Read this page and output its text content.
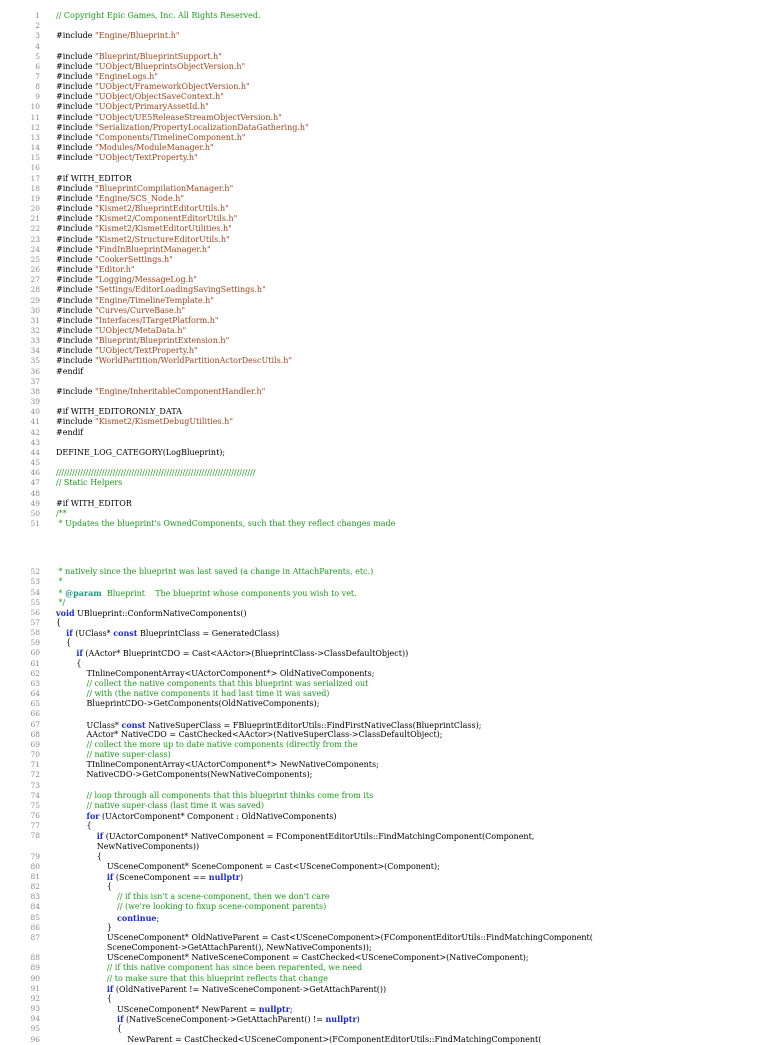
1 // Copyright Epic Games, Inc. All Rights Reserved.
2
3 #include "Engine/Blueprint.h"
4
5 #include "Blueprint/BlueprintSupport.h"
6 #include "UObject/BlueprintsObjectVersion.h"
7 #include "EngineLogs.h"
8 #include "UObject/FrameworkObjectVersion.h"
9 #include "UObject/ObjectSaveContext.h"
10 #include "UObject/PrimaryAssetId.h"
11 #include "UObject/UE5ReleaseStreamObjectVersion.h"
12 #include "Serialization/PropertyLocalizationDataGathering.h"
13 #include "Components/TimelineComponent.h"
14 #include "Modules/ModuleManager.h"
15 #include "UObject/TextProperty.h"
16
17 #if WITH_EDITOR
18 #include "BlueprintCompilationManager.h"
19 #include "Engine/SCS_Node.h"
20 #include "Kismet2/BlueprintEditorUtils.h"
21 #include "Kismet2/ComponentEditorUtils.h"
22 #include "Kismet2/KismetEditorUtilities.h"
23 #include "Kismet2/StructureEditorUtils.h"
24 #include "FindInBlueprintManager.h"
25 #include "CookerSettings.h"
26 #include "Editor.h"
27 #include "Logging/MessageLog.h"
28 #include "Settings/EditorLoadingSavingSettings.h"
29 #include "Engine/TimelineTemplate.h"
30 #include "Curves/CurveBase.h"
31 #include "Interfaces/ITargetPlatform.h"
32 #include "UObject/MetaData.h"
33 #include "Blueprint/BlueprintExtension.h"
34 #include "UObject/TextProperty.h"
35 #include "WorldPartition/WorldPartitionActorDescUtils.h"
36 #endif
37
38 #include "Engine/InheritableComponentHandler.h"
39
40 #if WITH_EDITORONLY_DATA
41 #include "Kismet2/KismetDebugUtilities.h"
42 #endif
43
44 DEFINE_LOG_CATEGORY(LogBlueprint);
45
46 //////////////////////////////////////////////////////////////////////////
47 // Static Helpers
48
49 #if WITH_EDITOR
50 /**
51 * Updates the blueprint's OwnedComponents, such that they reflect changes made
52 * natively since the blueprint was last saved (a change in AttachParents, etc.)
53 *
54 * @param  Blueprint    The blueprint whose components you wish to vet.
55 */
56 void UBlueprint::ConformNativeComponents()
57 {
58	if (UClass* const BlueprintClass = GeneratedClass)
59 {
60	if (AActor* BlueprintCDO = Cast<AActor>(BlueprintClass->ClassDefaultObject))
61 {
62 TInlineComponentArray<UActorComponent*> OldNativeComponents;
63	// collect the native components that this blueprint was serialized out
64	// with (the native components it had last time it was saved)
65 BlueprintCDO->GetComponents(OldNativeComponents);
66
67 UClass* const NativeSuperClass = FBlueprintEditorUtils::FindFirstNativeClass(BlueprintClass);
68 AActor* NativeCDO = CastChecked<AActor>(NativeSuperClass->ClassDefaultObject);
69	// collect the more up to date native components (directly from the
70	// native super-class)
71 TInlineComponentArray<UActorComponent*> NewNativeComponents;
72 NativeCDO->GetComponents(NewNativeComponents);
73
74	// loop through all components that this blueprint thinks come from its
75	// native super-class (last time it was saved)
76	for (UActorComponent* Component : OldNativeComponents)
77 {
78	if (UActorComponent* NativeComponent = FComponentEditorUtils::FindMatchingComponent(Component,
NewNativeComponents))
79 {
80 USceneComponent* SceneComponent = Cast<USceneComponent>(Component);
81	if (SceneComponent == nullptr)
82 {
83	// if this isn't a scene-component, then we don't care
84	// (we're looking to fixup scene-component parents)
85	continue;
86 }
87 USceneComponent* OldNativeParent = Cast<USceneComponent>(FComponentEditorUtils::FindMatchingComponent(
SceneComponent->GetAttachParent(), NewNativeComponents));
88 USceneComponent* NativeSceneComponent = CastChecked<USceneComponent>(NativeComponent);
89	// if this native component has since been reparented, we need
90	// to make sure that this blueprint reflects that change
91	if (OldNativeParent != NativeSceneComponent->GetAttachParent())
92 {
93 USceneComponent* NewParent = nullptr;
94	if (NativeSceneComponent->GetAttachParent() != nullptr)
95 {
96 NewParent = CastChecked<USceneComponent>(FComponentEditorUtils::FindMatchingComponent(
